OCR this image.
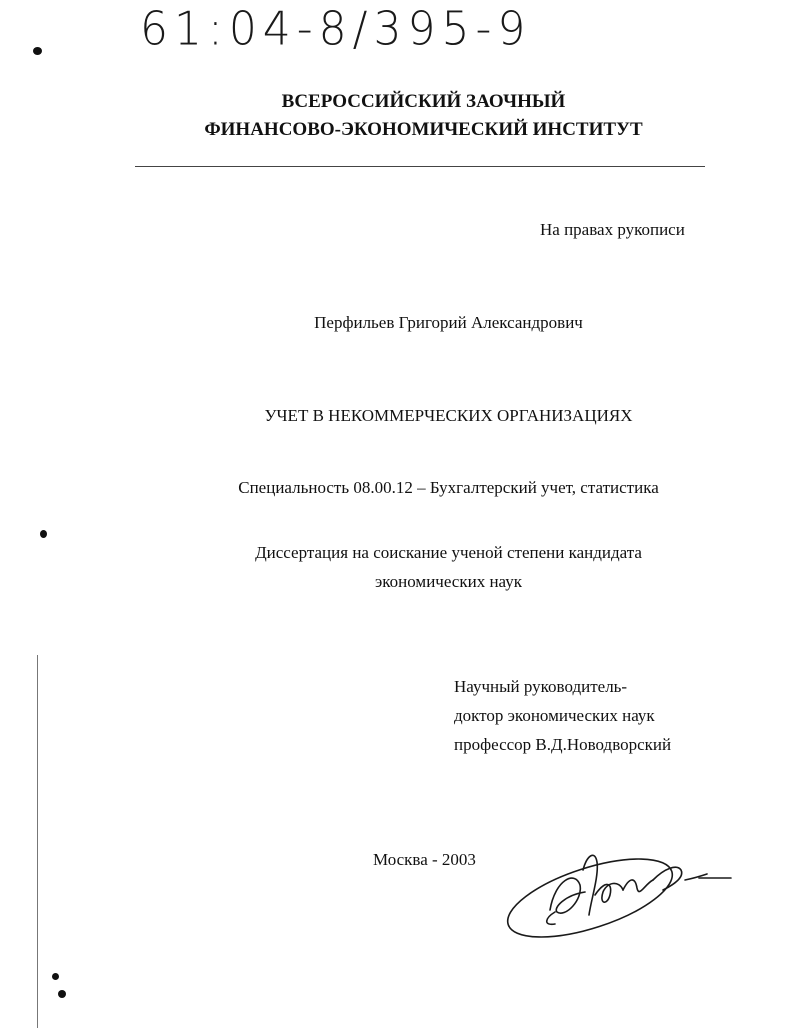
61:04-8/395-9
ВСЕРОССИЙСКИЙ ЗАОЧНЫЙ
ФИНАНСОВО-ЭКОНОМИЧЕСКИЙ ИНСТИТУТ
На правах рукописи
Перфильев Григорий Александрович
УЧЕТ В НЕКОММЕРЧЕСКИХ ОРГАНИЗАЦИЯХ
Специальность 08.00.12 – Бухгалтерский учет, статистика
Диссертация на соискание ученой степени кандидата
экономических наук
Научный руководитель-
доктор экономических наук
профессор В.Д.Новодворский
Москва - 2003
